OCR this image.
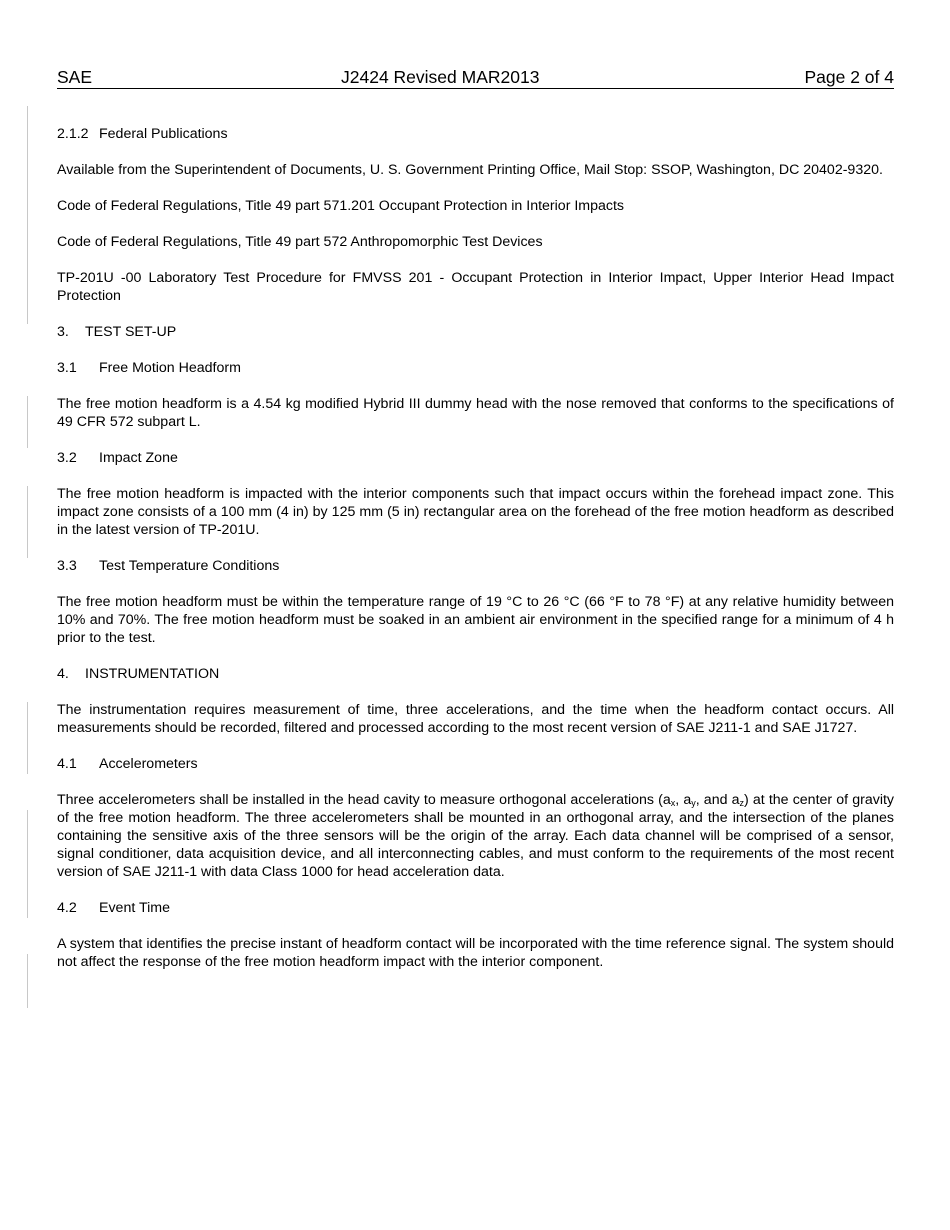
SAE	J2424 Revised MAR2013	Page 2 of 4
2.1.2 Federal Publications

Available from the Superintendent of Documents, U. S. Government Printing Office, Mail Stop: SSOP, Washington, DC 20402-9320.

Code of Federal Regulations, Title 49 part 571.201 Occupant Protection in Interior Impacts

Code of Federal Regulations, Title 49 part 572 Anthropomorphic Test Devices

TP-201U -00 Laboratory Test Procedure for FMVSS 201 - Occupant Protection in Interior Impact, Upper Interior Head Impact Protection

3. TEST SET-UP
3.1 Free Motion Headform

The free motion headform is a 4.54 kg modified Hybrid III dummy head with the nose removed that conforms to the specifications of 49 CFR 572 subpart L.

3.2 Impact Zone

The free motion headform is impacted with the interior components such that impact occurs within the forehead impact zone. This impact zone consists of a 100 mm (4 in) by 125 mm (5 in) rectangular area on the forehead of the free motion headform as described in the latest version of TP-201U.

3.3 Test Temperature Conditions

The free motion headform must be within the temperature range of 19 °C to 26 °C (66 °F to 78 °F) at any relative humidity between 10% and 70%. The free motion headform must be soaked in an ambient air environment in the specified range for a minimum of 4 h prior to the test.

4. INSTRUMENTATION

The instrumentation requires measurement of time, three accelerations, and the time when the headform contact occurs. All measurements should be recorded, filtered and processed according to the most recent version of SAE J211-1 and SAE J1727.

4.1 Accelerometers

Three accelerometers shall be installed in the head cavity to measure orthogonal accelerations ($a_x$, $a_y$, and $a_z$) at the center of gravity of the free motion headform. The three accelerometers shall be mounted in an orthogonal array, and the intersection of the planes containing the sensitive axis of the three sensors will be the origin of the array. Each data channel will be comprised of a sensor, signal conditioner, data acquisition device, and all interconnecting cables, and must conform to the requirements of the most recent version of SAE J211-1 with data Class 1000 for head acceleration data.

4.2 Event Time

A system that identifies the precise instant of headform contact will be incorporated with the time reference signal. The system should not affect the response of the free motion headform impact with the interior component.
